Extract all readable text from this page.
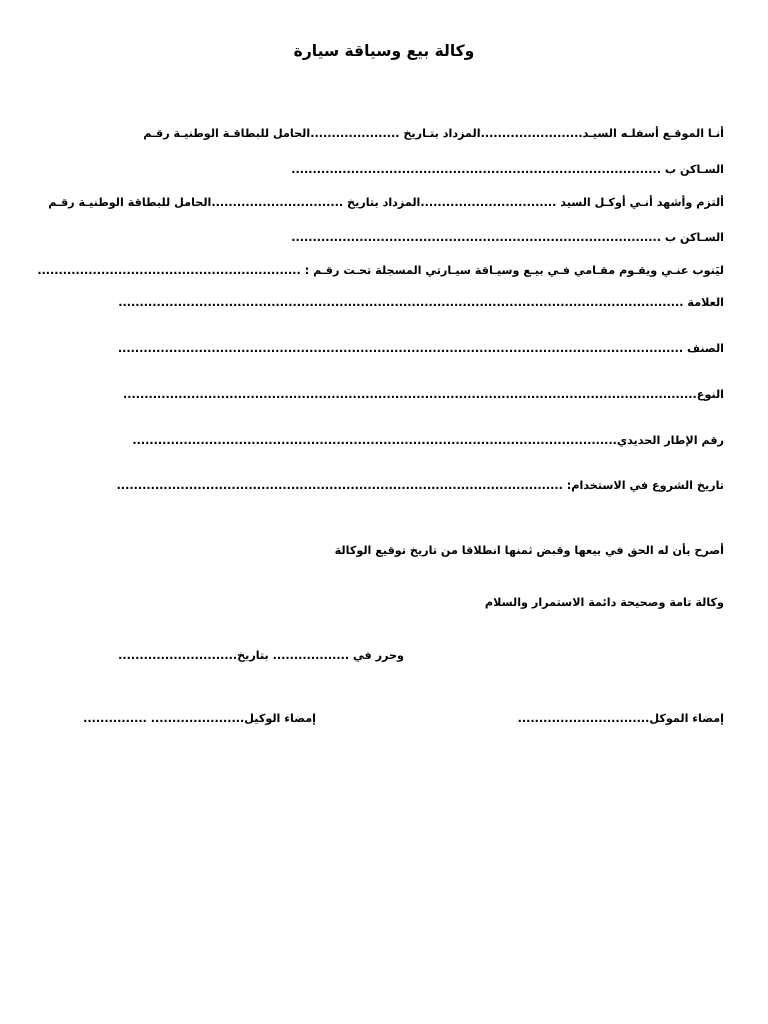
وكالة بيع وسياقة سيارة
أنـا الموقـع أسفلـه السيـد........................المزداد بتـاريخ .....................الحامل للبطاقـة الوطنيـة رقـم
السـاكن ب .......................................................................................
ألتزم وأشهد أنـي أوكـل السيد ................................المزداد بتاريخ ...............................الحامل للبطاقة الوطنيـة رقـم
السـاكن ب .......................................................................................
ليَنوب عنـي ويقـوم مقـامي فـي بيـع وسيـاقة سيـارتي المسجلة تحـت رقـم : ..............................................................
العلامة .....................................................................................................................................
الصنف .....................................................................................................................................
النوع.......................................................................................................................................
رقم الإطار الحديدي..................................................................................................................
تاريخ الشروع في الاستخدام: .........................................................................................................
أصرح بأن له الحق في بيعها وقبض ثمنها انطلاقا من تاريخ توقيع الوكالة
وكالة تامة وصحيحة دائمة الاستمرار والسلام
وحرر في .................. بتاريخ............................
إمضاء الموكل...............................
إمضاء الوكيل...................... ...............
